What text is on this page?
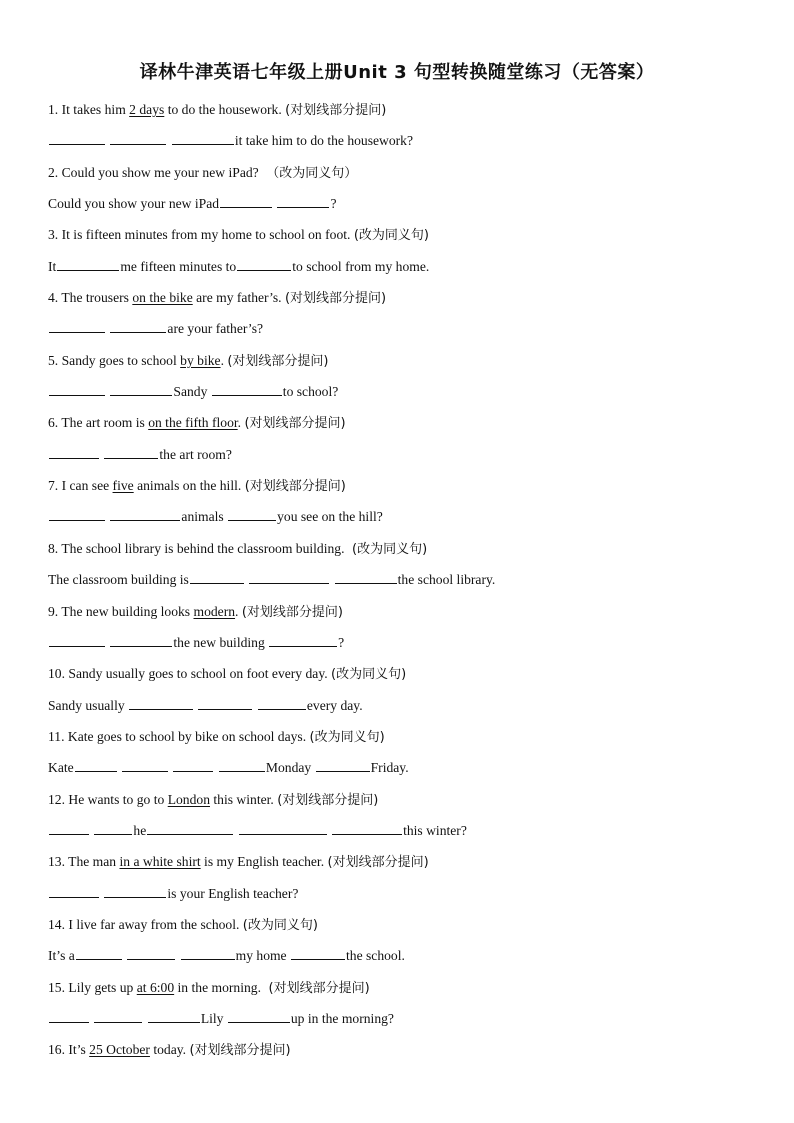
译林牛津英语七年级上册Unit 3 句型转换随堂练习（无答案）
1. It takes him 2 days to do the housework. (对划线部分提问)
it take him to do the housework?
2. Could you show me your new iPad?  （改为同义句）
Could you show your new iPad	?
3. It is fifteen minutes from my home to school on foot. (改为同义句)
It	me fifteen minutes to	to school from my home.
4. The trousers on the bike are my father’s. (对划线部分提问)
are your father’s?
5. Sandy goes to school by bike. (对划线部分提问)
Sandy	to school?
6. The art room is on the fifth floor. (对划线部分提问)
the art room?
7. I can see five animals on the hill. (对划线部分提问)
animals	you see on the hill?
8. The school library is behind the classroom building.  (改为同义句)
The classroom building is	the school library.
9. The new building looks modern. (对划线部分提问)
the new building	?
10. Sandy usually goes to school on foot every day. (改为同义句)
Sandy usually	every day.
11. Kate goes to school by bike on school days. (改为同义句)
Kate	Monday	Friday.
12. He wants to go to London this winter. (对划线部分提问)
he	this winter?
13. The man in a white shirt is my English teacher. (对划线部分提问)
is your English teacher?
14. I live far away from the school. (改为同义句)
It’s a	my home	the school.
15. Lily gets up at 6:00 in the morning.  (对划线部分提问)
Lily	up in the morning?
16. It’s 25 October today. (对划线部分提问)
